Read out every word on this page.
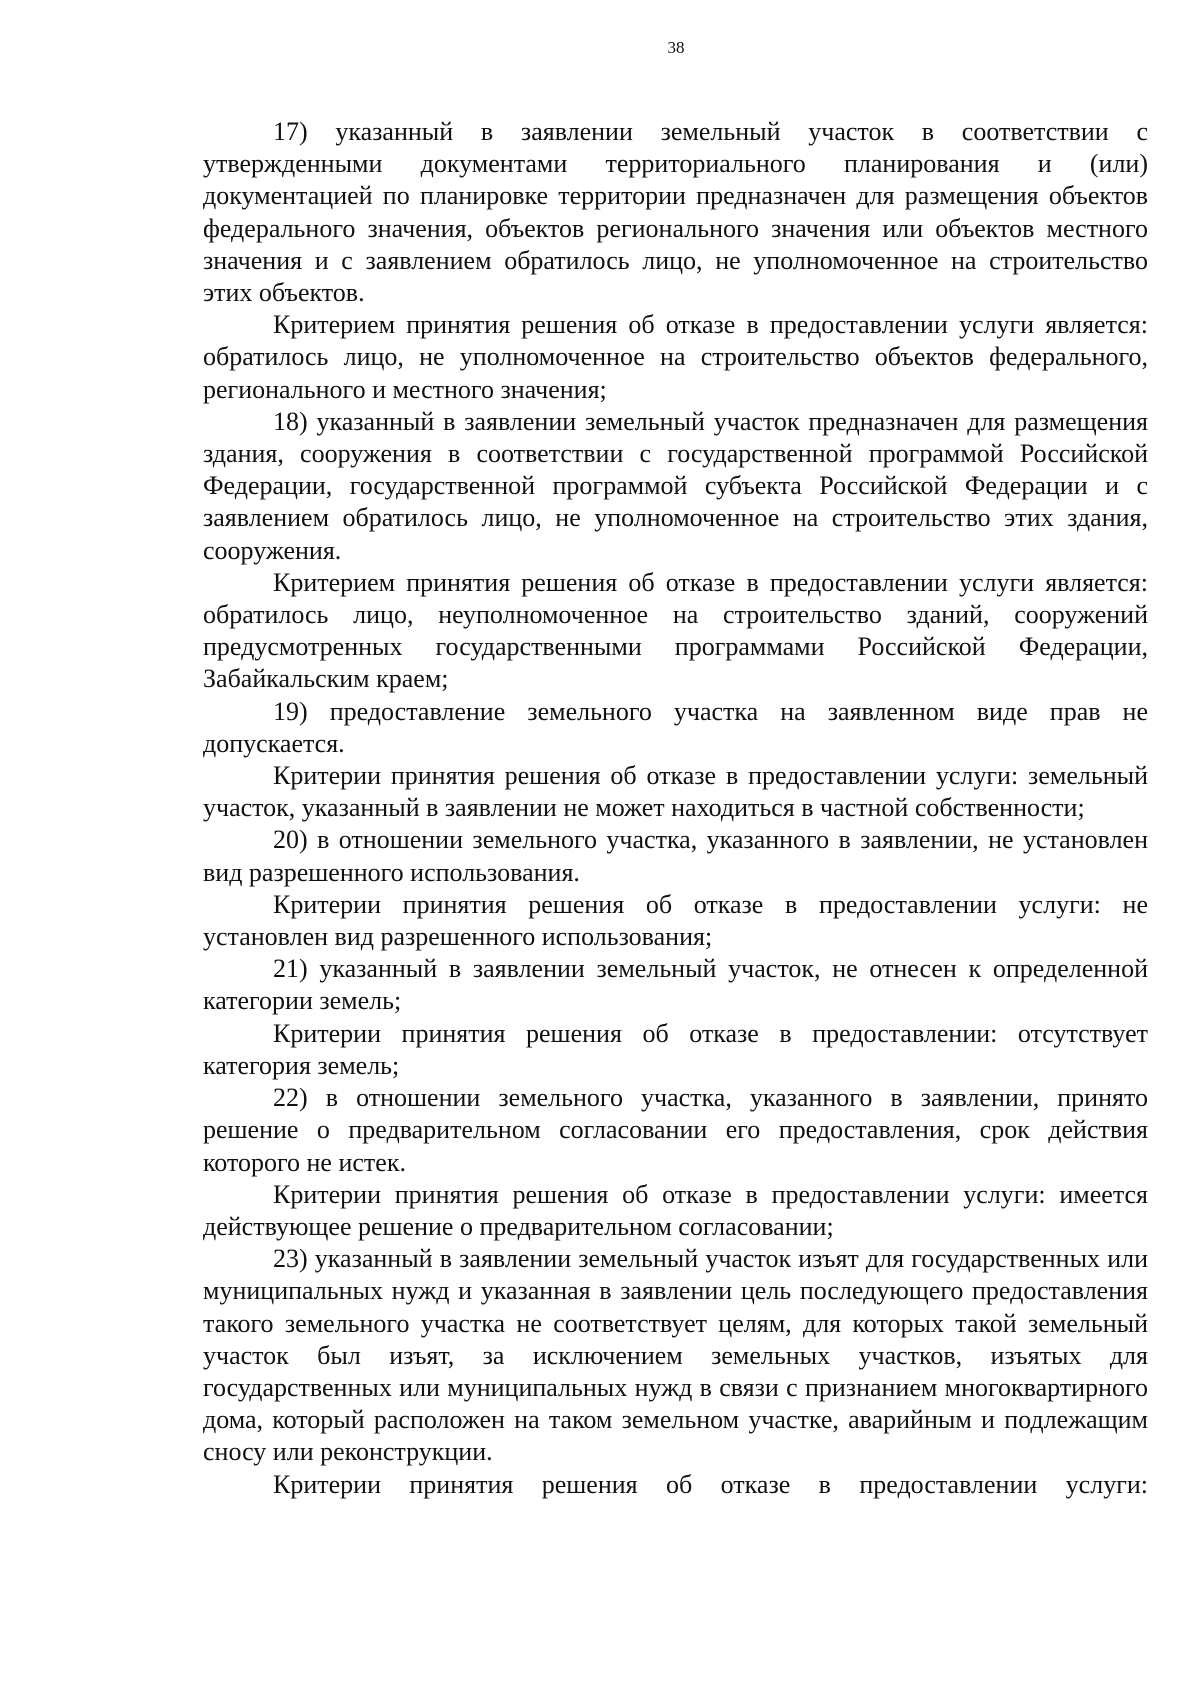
38

17) указанный в заявлении земельный участок в соответствии с утвержденными документами территориального планирования и (или) документацией по планировке территории предназначен для размещения объектов федерального значения, объектов регионального значения или объектов местного значения и с заявлением обратилось лицо, не уполномоченное на строительство этих объектов.

Критерием принятия решения об отказе в предоставлении услуги является: обратилось лицо, не уполномоченное на строительство объектов федерального, регионального и местного значения;

18) указанный в заявлении земельный участок предназначен для размещения здания, сооружения в соответствии с государственной программой Российской Федерации, государственной программой субъекта Российской Федерации и с заявлением обратилось лицо, не уполномоченное на строительство этих здания, сооружения.

Критерием принятия решения об отказе в предоставлении услуги является: обратилось лицо, неуполномоченное на строительство зданий, сооружений предусмотренных государственными программами Российской Федерации, Забайкальским краем;

19) предоставление земельного участка на заявленном виде прав не допускается.

Критерии принятия решения об отказе в предоставлении услуги: земельный участок, указанный в заявлении не может находиться в частной собственности;

20) в отношении земельного участка, указанного в заявлении, не установлен вид разрешенного использования.

Критерии принятия решения об отказе в предоставлении услуги: не установлен вид разрешенного использования;

21) указанный в заявлении земельный участок, не отнесен к определенной категории земель;

Критерии принятия решения об отказе в предоставлении: отсутствует категория земель;

22) в отношении земельного участка, указанного в заявлении, принято решение о предварительном согласовании его предоставления, срок действия которого не истек.

Критерии принятия решения об отказе в предоставлении услуги: имеется действующее решение о предварительном согласовании;

23) указанный в заявлении земельный участок изъят для государственных или муниципальных нужд и указанная в заявлении цель последующего предоставления такого земельного участка не соответствует целям, для которых такой земельный участок был изъят, за исключением земельных участков, изъятых для государственных или муниципальных нужд в связи с признанием многоквартирного дома, который расположен на таком земельном участке, аварийным и подлежащим сносу или реконструкции.

Критерии принятия решения об отказе в предоставлении услуги:
